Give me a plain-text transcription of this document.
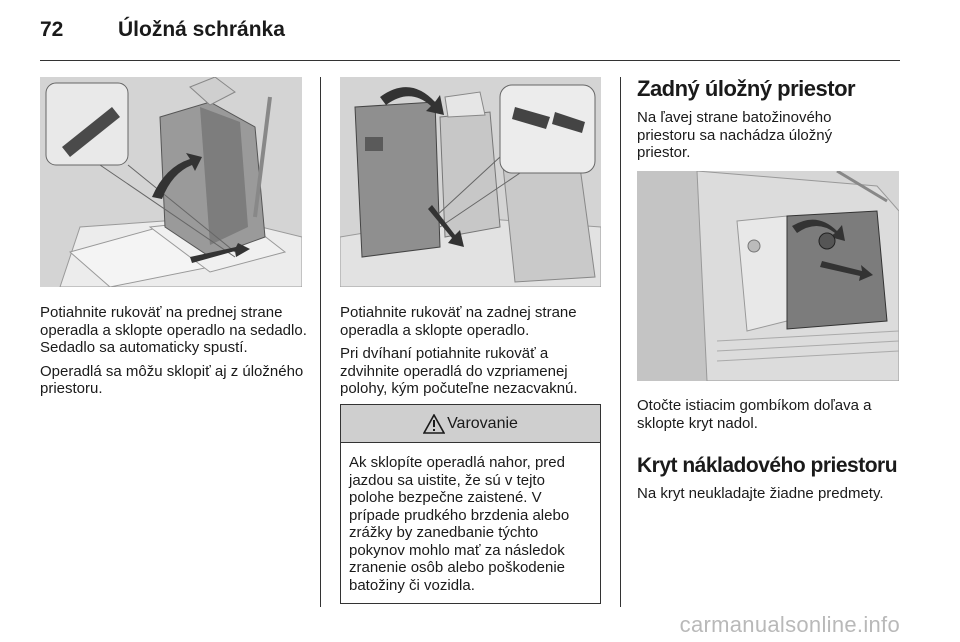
72	Úložná schránka

Potiahnite rukoväť na prednej strane operadla a sklopte operadlo na sedadlo. Sedadlo sa automaticky spustí.

Operadlá sa môžu sklopiť aj z úložného priestoru.

Potiahnite rukoväť na zadnej strane operadla a sklopte operadlo.

Pri dvíhaní potiahnite rukoväť a zdvihnite operadlá do vzpriamenej polohy, kým počuteľne nezacvaknú.

Varovanie
Ak sklopíte operadlá nahor, pred jazdou sa uistite, že sú v tejto polohe bezpečne zaistené. V prípade prudkého brzdenia alebo zrážky by zanedbanie týchto pokynov mohlo mať za následok zranenie osôb alebo poškodenie batožiny či vozidla.
Zadný úložný priestor
Na ľavej strane batožinového priestoru sa nachádza úložný priestor.
Otočte istiacim gombíkom doľava a sklopte kryt nadol.
Kryt nákladového priestoru
Na kryt neukladajte žiadne predmety.
carmanualsonline.info
